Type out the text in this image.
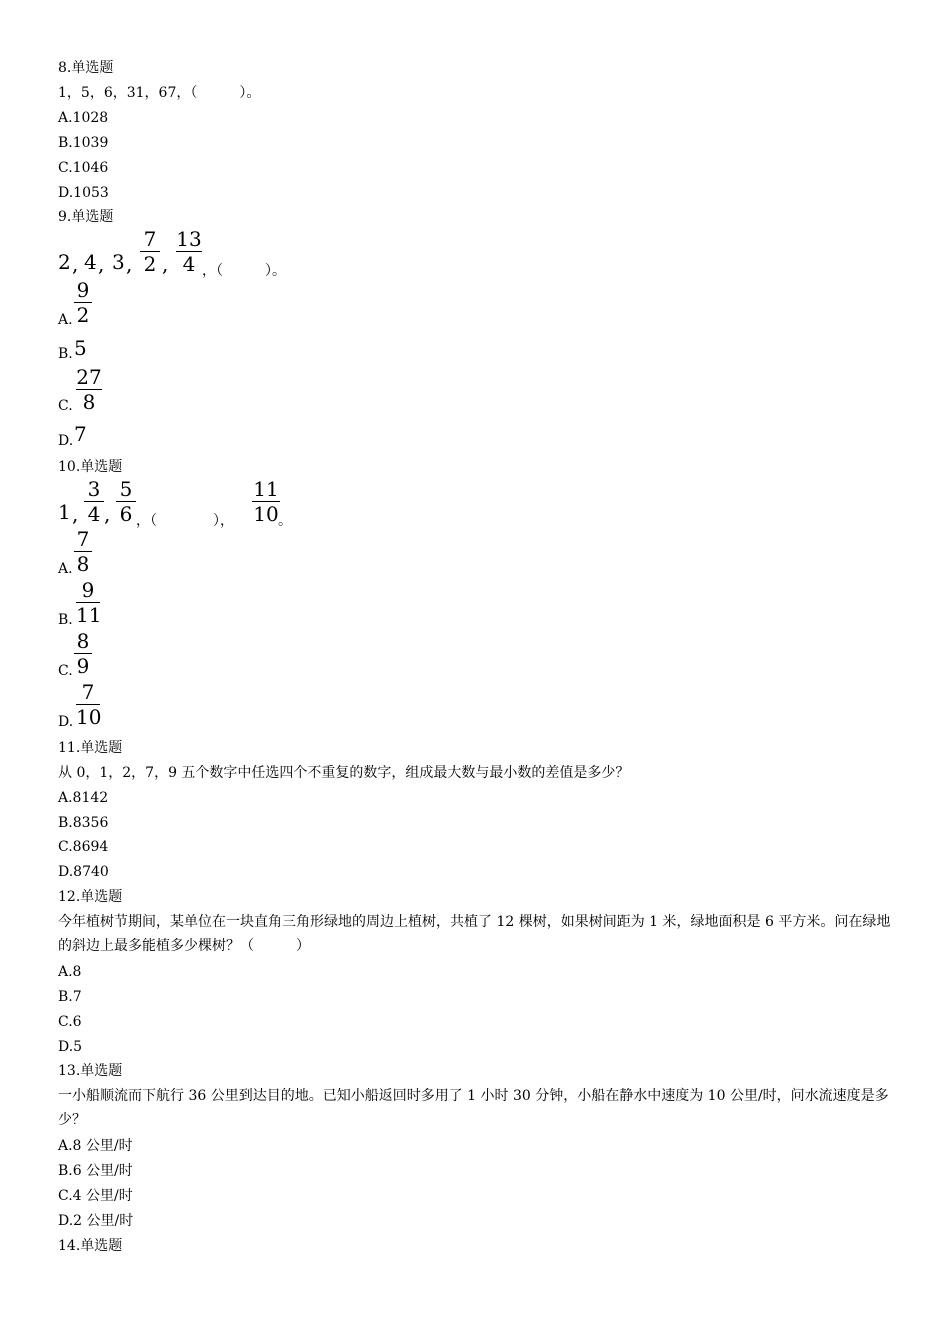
8.单选题
1，5，6，31，67，（　　　）。
A.1028
B.1039
C.1046
D.1053
9.单选题
2 , 4 , 3 ,
7
2 ,
13
4 ，（　　　）。
A.
9
2
B. 5
C.
27
8
D. 7
10.单选题
1 ,
3
4 ,
5
6 ，（　　　　），
11
10 。
A.
7
8
B.
9
11
C.
8
9
D.
7
10
11.单选题
从 0，1，2，7，9 五个数字中任选四个不重复的数字，组成最大数与最小数的差值是多少？
A.8142
B.8356
C.8694
D.8740
12.单选题
今年植树节期间，某单位在一块直角三角形绿地的周边上植树，共植了 12 棵树，如果树间距为 1 米，绿地面积是 6 平方米。问在绿地的斜边上最多能植多少棵树？（　　　）
A.8
B.7
C.6
D.5
13.单选题
一小船顺流而下航行 36 公里到达目的地。已知小船返回时多用了 1 小时 30 分钟，小船在静水中速度为 10 公里/时，问水流速度是多少？
A.8 公里/时
B.6 公里/时
C.4 公里/时
D.2 公里/时
14.单选题
